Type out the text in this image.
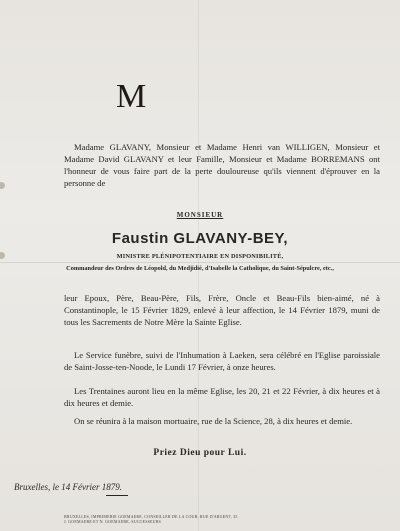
M

Madame GLAVANY, Monsieur et Madame Henri van WILLIGEN, Monsieur et Madame David GLAVANY et leur Famille, Monsieur et Madame BORREMANS ont l'honneur de vous faire part de la perte douloureuse qu'ils viennent d'éprouver en la personne de

MONSIEUR
Faustin GLAVANY-BEY,
MINISTRE PLÉNIPOTENTIAIRE EN DISPONIBILITÉ,
Commandeur des Ordres de Léopold, du Medjidié, d'Isabelle la Catholique, du Saint-Sépulcre, etc.,

leur Epoux, Père, Beau-Père, Fils, Frère, Oncle et Beau-Fils bien-aimé, né à Constantinople, le 15 Février 1829, enlevé à leur affection, le 14 Février 1879, muni de tous les Sacrements de Notre Mère la Sainte Eglise.

Le Service funèbre, suivi de l'Inhumation à Laeken, sera célébré en l'Eglise paroissiale de Saint-Josse-ten-Noode, le Lundi 17 Février, à onze heures.

Les Trentaines auront lieu en la même Eglise, les 20, 21 et 22 Février, à dix heures et à dix heures et demie.

On se réunira à la maison mortuaire, rue de la Science, 28, à dix heures et demie.

Priez Dieu pour Lui.
Bruxelles, le 14 Février 1879.
BRUXELLES, IMPRIMERIE GOEMAERE, CONSEILLER DE LA COUR, RUE D'ARGENT, 35
J. GOEMAERE ET N. GOEMAERE, SUCCESSEURS
